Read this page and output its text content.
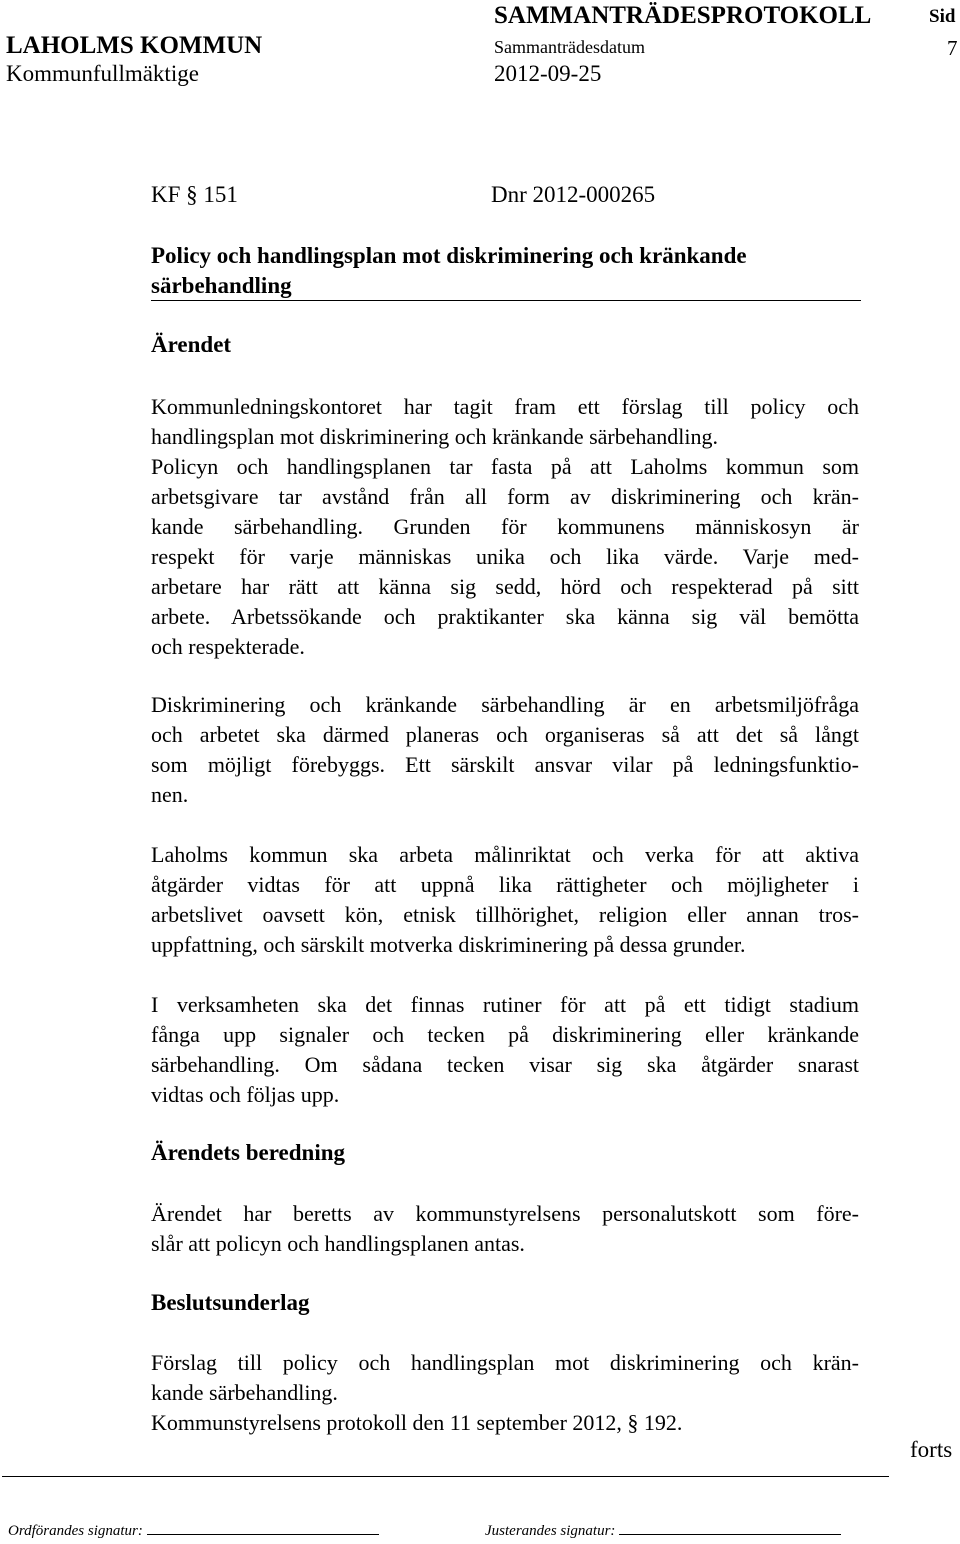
SAMMANTRÄDESPROTOKOLL	Sid
LAHOLMS KOMMUN	Sammanträdesdatum	7
Kommunfullmäktige	2012-09-25
KF § 151	Dnr 2012-000265
Policy och handlingsplan mot diskriminering och kränkande
särbehandling
Ärendet
Kommunledningskontoret har tagit fram ett förslag till policy och
handlingsplan mot diskriminering och kränkande särbehandling.
Policyn och handlingsplanen tar fasta på att Laholms kommun som
arbetsgivare tar avstånd från all form av diskriminering och krän-
kande särbehandling. Grunden för kommunens människosyn är
respekt för varje människas unika och lika värde. Varje med-
arbetare har rätt att känna sig sedd, hörd och respekterad på sitt
arbete. Arbetssökande och praktikanter ska känna sig väl bemötta
och respekterade.
Diskriminering och kränkande särbehandling är en arbetsmiljöfråga
och arbetet ska därmed planeras och organiseras så att det så långt
som möjligt förebyggs. Ett särskilt ansvar vilar på ledningsfunktio-
nen.
Laholms kommun ska arbeta målinriktat och verka för att aktiva
åtgärder vidtas för att uppnå lika rättigheter och möjligheter i
arbetslivet oavsett kön, etnisk tillhörighet, religion eller annan tros-
uppfattning, och särskilt motverka diskriminering på dessa grunder.
I verksamheten ska det finnas rutiner för att på ett tidigt stadium
fånga upp signaler och tecken på diskriminering eller kränkande
särbehandling. Om sådana tecken visar sig ska åtgärder snarast
vidtas och följas upp.
Ärendets beredning
Ärendet har beretts av kommunstyrelsens personalutskott som före-
slår att policyn och handlingsplanen antas.
Beslutsunderlag
Förslag till policy och handlingsplan mot diskriminering och krän-
kande särbehandling.
Kommunstyrelsens protokoll den 11 september 2012, § 192.
forts
Ordförandes signatur:	Justerandes signatur:
